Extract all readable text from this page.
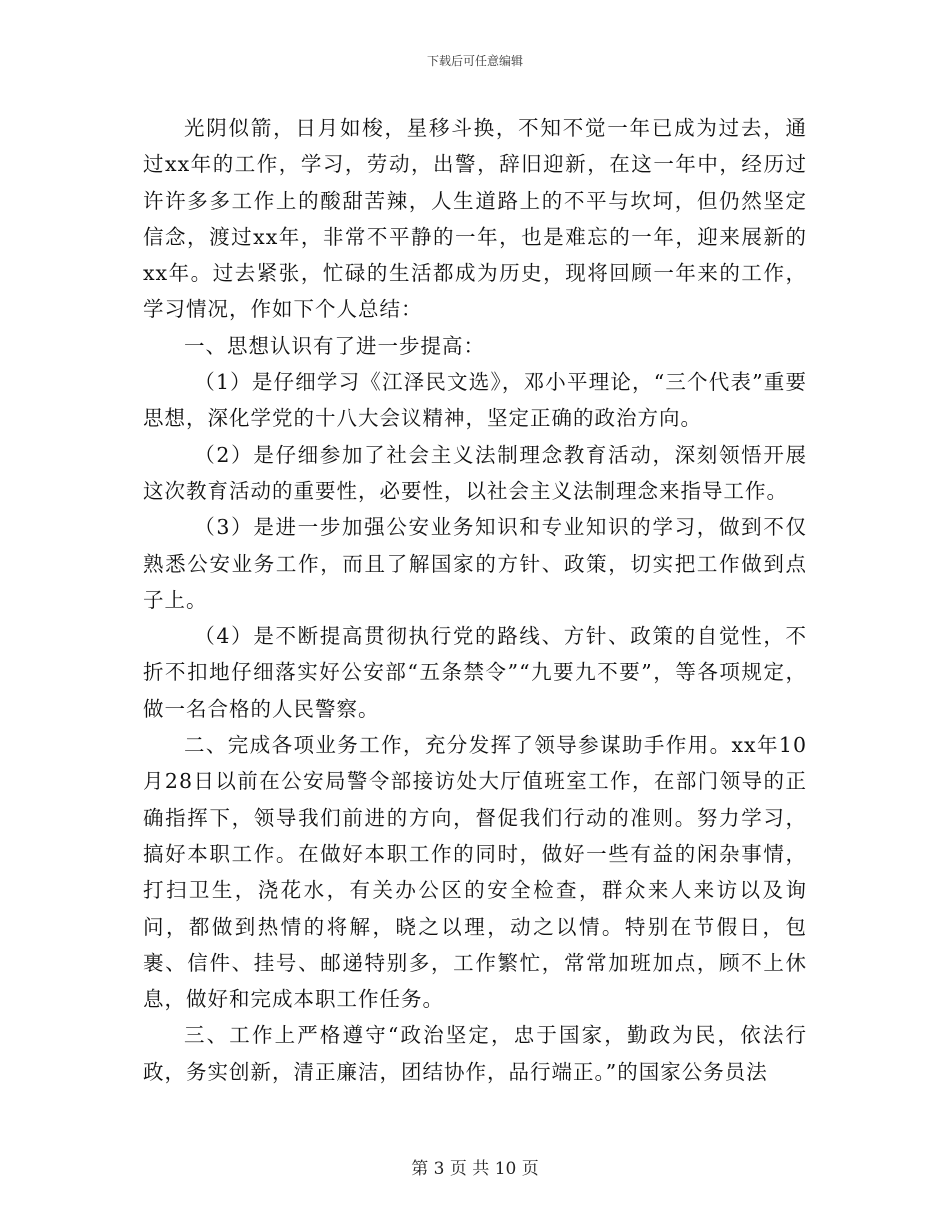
下载后可任意编辑

光阴似箭，日月如梭，星移斗换，不知不觉一年已成为过去，通过xx年的工作，学习，劳动，出警，辞旧迎新，在这一年中，经历过许许多多工作上的酸甜苦辣，人生道路上的不平与坎坷，但仍然坚定信念，渡过xx年，非常不平静的一年，也是难忘的一年，迎来展新的xx年。过去紧张，忙碌的生活都成为历史，现将回顾一年来的工作，学习情况，作如下个人总结：

一、思想认识有了进一步提高：

（1）是仔细学习《江泽民文选》，邓小平理论，“三个代表”重要思想，深化学党的十八大会议精神，坚定正确的政治方向。

（2）是仔细参加了社会主义法制理念教育活动，深刻领悟开展这次教育活动的重要性，必要性，以社会主义法制理念来指导工作。

（3）是进一步加强公安业务知识和专业知识的学习，做到不仅熟悉公安业务工作，而且了解国家的方针、政策，切实把工作做到点子上。

（4）是不断提高贯彻执行党的路线、方针、政策的自觉性，不折不扣地仔细落实好公安部“五条禁令”“九要九不要”，等各项规定，做一名合格的人民警察。

二、完成各项业务工作，充分发挥了领导参谋助手作用。xx年10月28日以前在公安局警令部接访处大厅值班室工作，在部门领导的正确指挥下，领导我们前进的方向，督促我们行动的准则。努力学习，搞好本职工作。在做好本职工作的同时，做好一些有益的闲杂事情，打扫卫生，浇花水，有关办公区的安全检查，群众来人来访以及询问，都做到热情的将解，晓之以理，动之以情。特别在节假日，包裹、信件、挂号、邮递特别多，工作繁忙，常常加班加点，顾不上休息，做好和完成本职工作任务。

三、工作上严格遵守“政治坚定，忠于国家，勤政为民，依法行政，务实创新，清正廉洁，团结协作，品行端正。”的国家公务员法

第 3 页 共 10 页
